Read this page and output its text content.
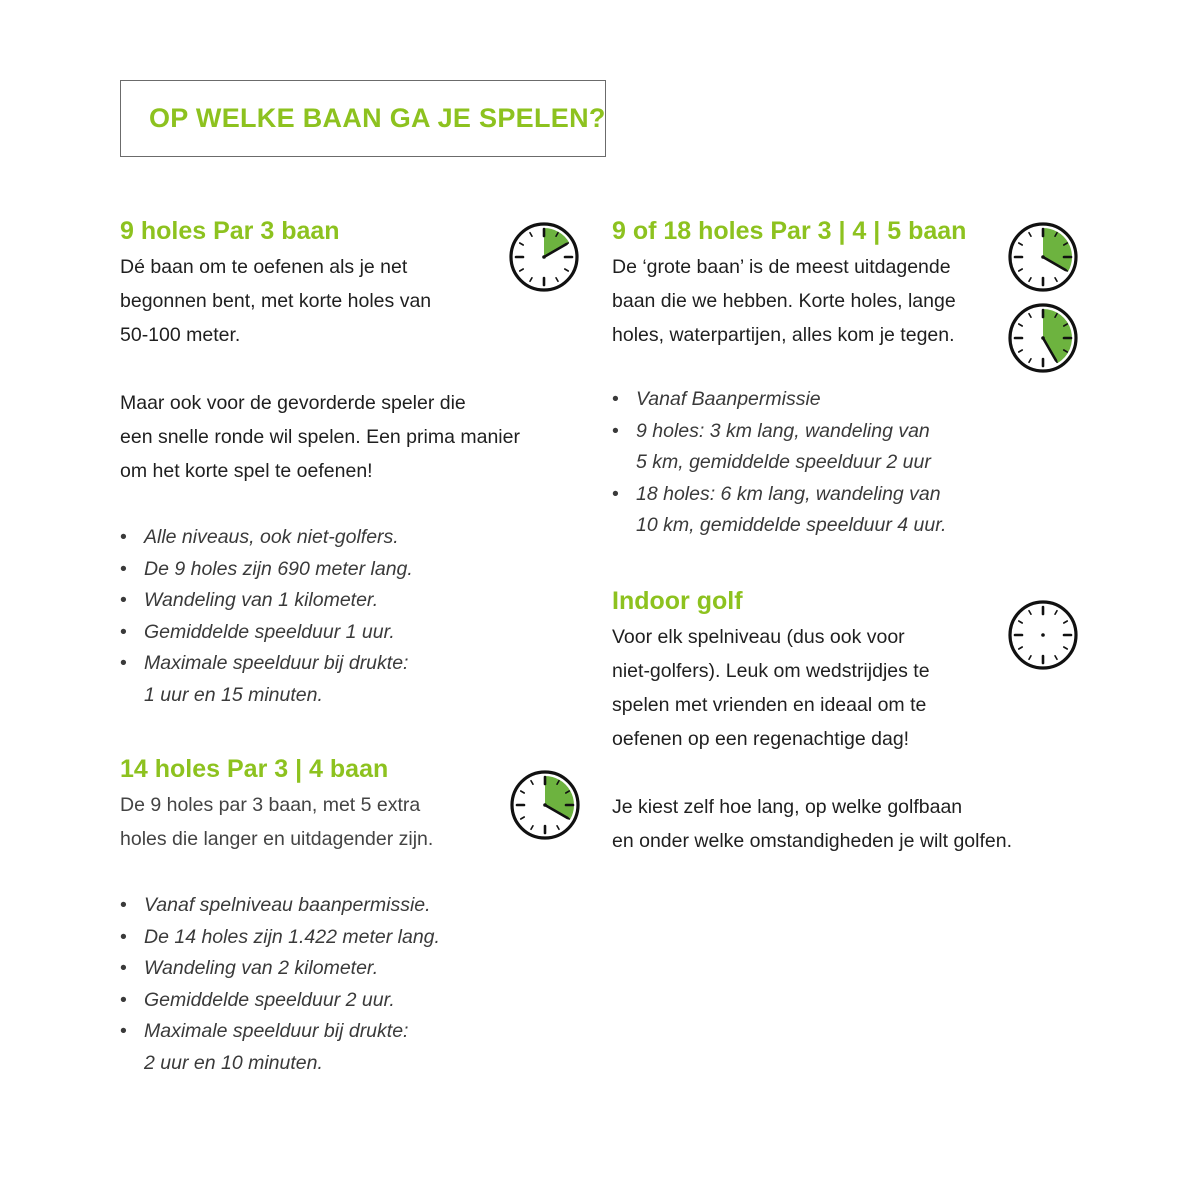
OP WELKE BAAN GA JE SPELEN?
9 holes Par 3 baan

Dé baan om te oefenen als je net
begonnen bent, met korte holes van
50-100 meter.

Maar ook voor de gevorderde speler die
een snelle ronde wil spelen. Een prima manier
om het korte spel te oefenen!

• Alle niveaus, ook niet-golfers.
• De 9 holes zijn 690 meter lang.
• Wandeling van 1 kilometer.
• Gemiddelde speelduur 1 uur.
• Maximale speelduur bij drukte:
1 uur en 15 minuten.
14 holes Par 3 | 4 baan

De 9 holes par 3 baan, met 5 extra
holes die langer en uitdagender zijn.

• Vanaf spelniveau baanpermissie.
• De 14 holes zijn 1.422 meter lang.
• Wandeling van 2 kilometer.
• Gemiddelde speelduur 2 uur.
• Maximale speelduur bij drukte:
2 uur en 10 minuten.
9 of 18 holes Par 3 | 4 | 5 baan

De ‘grote baan’ is de meest uitdagende
baan die we hebben. Korte holes, lange
holes, waterpartijen, alles kom je tegen.

• Vanaf Baanpermissie
• 9 holes: 3 km lang, wandeling van
5 km, gemiddelde speelduur 2 uur
• 18 holes: 6 km lang, wandeling van
10 km, gemiddelde speelduur 4 uur.
Indoor golf

Voor elk spelniveau (dus ook voor
niet-golfers). Leuk om wedstrijdjes te
spelen met vrienden en ideaal om te
oefenen op een regenachtige dag!

Je kiest zelf hoe lang, op welke golfbaan
en onder welke omstandigheden je wilt golfen.
